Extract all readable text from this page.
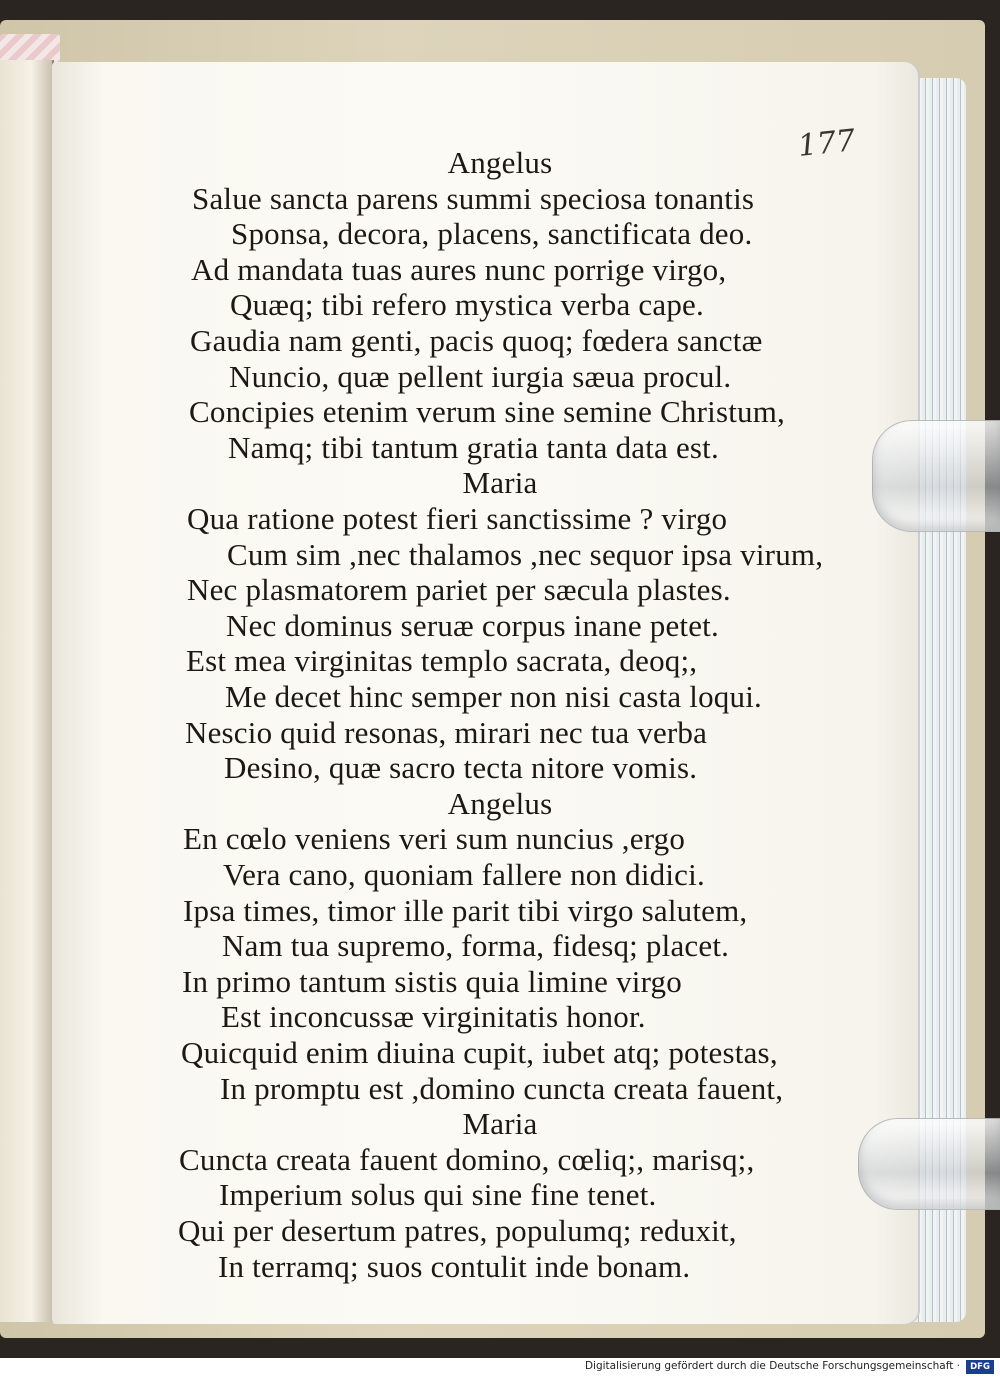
177
Angelus
Salue sancta parens summi speciosa tonantis
Sponsa, decora, placens, sanctificata deo.
Ad mandata tuas aures nunc porrige virgo,
Quæq; tibi refero mystica verba cape.
Gaudia nam genti, pacis quoq; fœdera sanctæ
Nuncio, quæ pellent iurgia sæua procul.
Concipies etenim verum sine semine Christum,
Namq; tibi tantum gratia tanta data est.
Maria
Qua ratione potest fieri sanctissime ? virgo
Cum sim ,nec thalamos ,nec sequor ipsa virum,
Nec plasmatorem pariet per sæcula plastes.
Nec dominus seruæ corpus inane petet.
Est mea virginitas templo sacrata, deoq;,
Me decet hinc semper non nisi casta loqui.
Nescio quid resonas, mirari nec tua verba
Desino, quæ sacro tecta nitore vomis.
Angelus
En cœlo veniens veri sum nuncius ,ergo
Vera cano, quoniam fallere non didici.
Ipsa times, timor ille parit tibi virgo salutem,
Nam tua supremo, forma, fidesq; placet.
In primo tantum sistis quia limine virgo
Est inconcussæ virginitatis honor.
Quicquid enim diuina cupit, iubet atq; potestas,
In promptu est ,domino cuncta creata fauent,
Maria
Cuncta creata fauent domino, cœliq;, marisq;,
Imperium solus qui sine fine tenet.
Qui per desertum patres, populumq; reduxit,
In terramq; suos contulit inde bonam.
Digitalisierung gefördert durch die Deutsche Forschungsgemeinschaft ·	DFG
